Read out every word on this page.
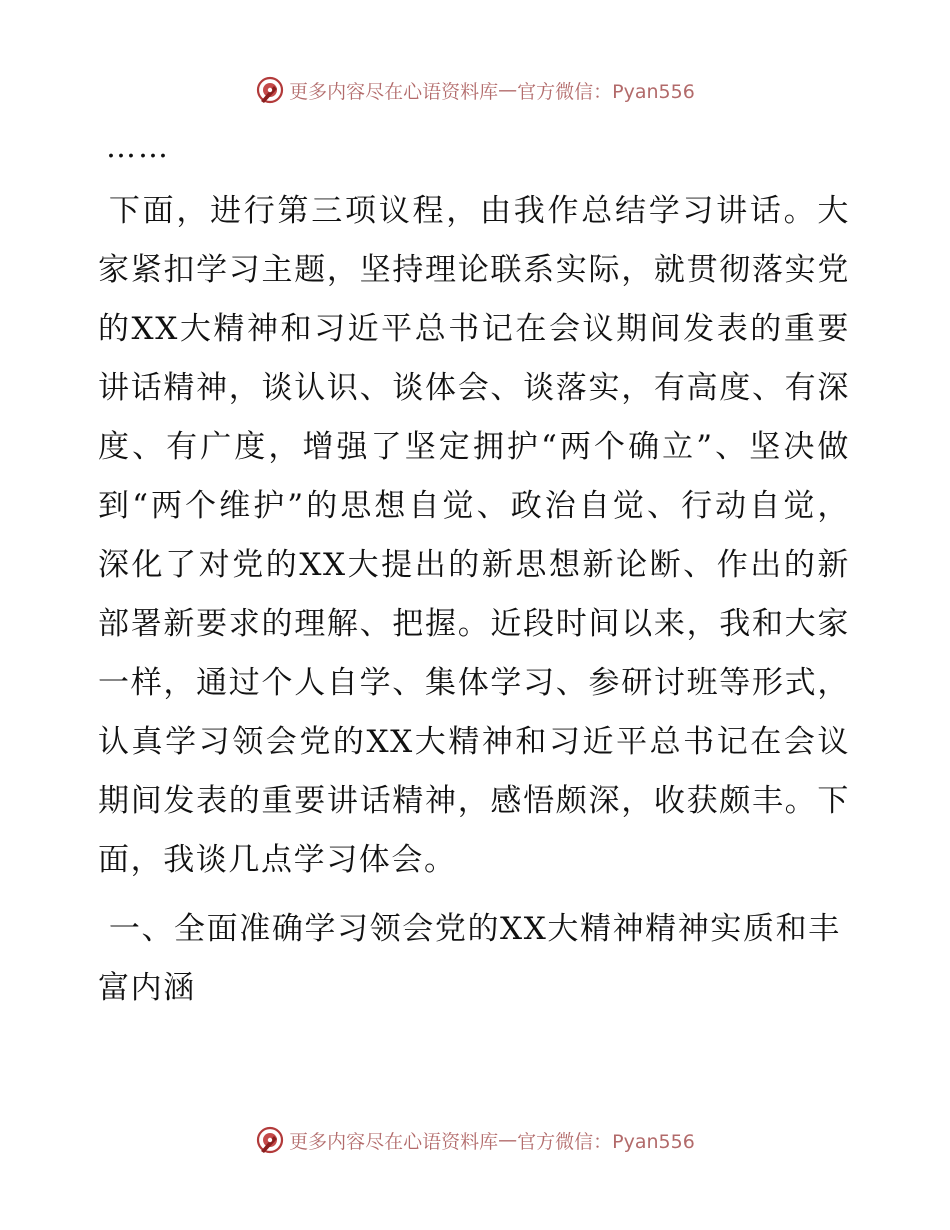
更多内容尽在心语资料库 — 官方微信：Pyan556
……

下面，进行第三项议程，由我作总结学习讲话。大家紧扣学习主题，坚持理论联系实际，就贯彻落实党的XX大精神和习近平总书记在会议期间发表的重要讲话精神，谈认识、谈体会、谈落实，有高度、有深度、有广度，增强了坚定拥护“两个确立”、坚决做到“两个维护”的思想自觉、政治自觉、行动自觉，深化了对党的XX大提出的新思想新论断、作出的新部署新要求的理解、把握。近段时间以来，我和大家一样，通过个人自学、集体学习、参研讨班等形式，认真学习领会党的XX大精神和习近平总书记在会议期间发表的重要讲话精神，感悟颇深，收获颇丰。下面，我谈几点学习体会。

一、全面准确学习领会党的XX大精神精神实质和丰富内涵

更多内容尽在心语资料库 — 官方微信：Pyan556
